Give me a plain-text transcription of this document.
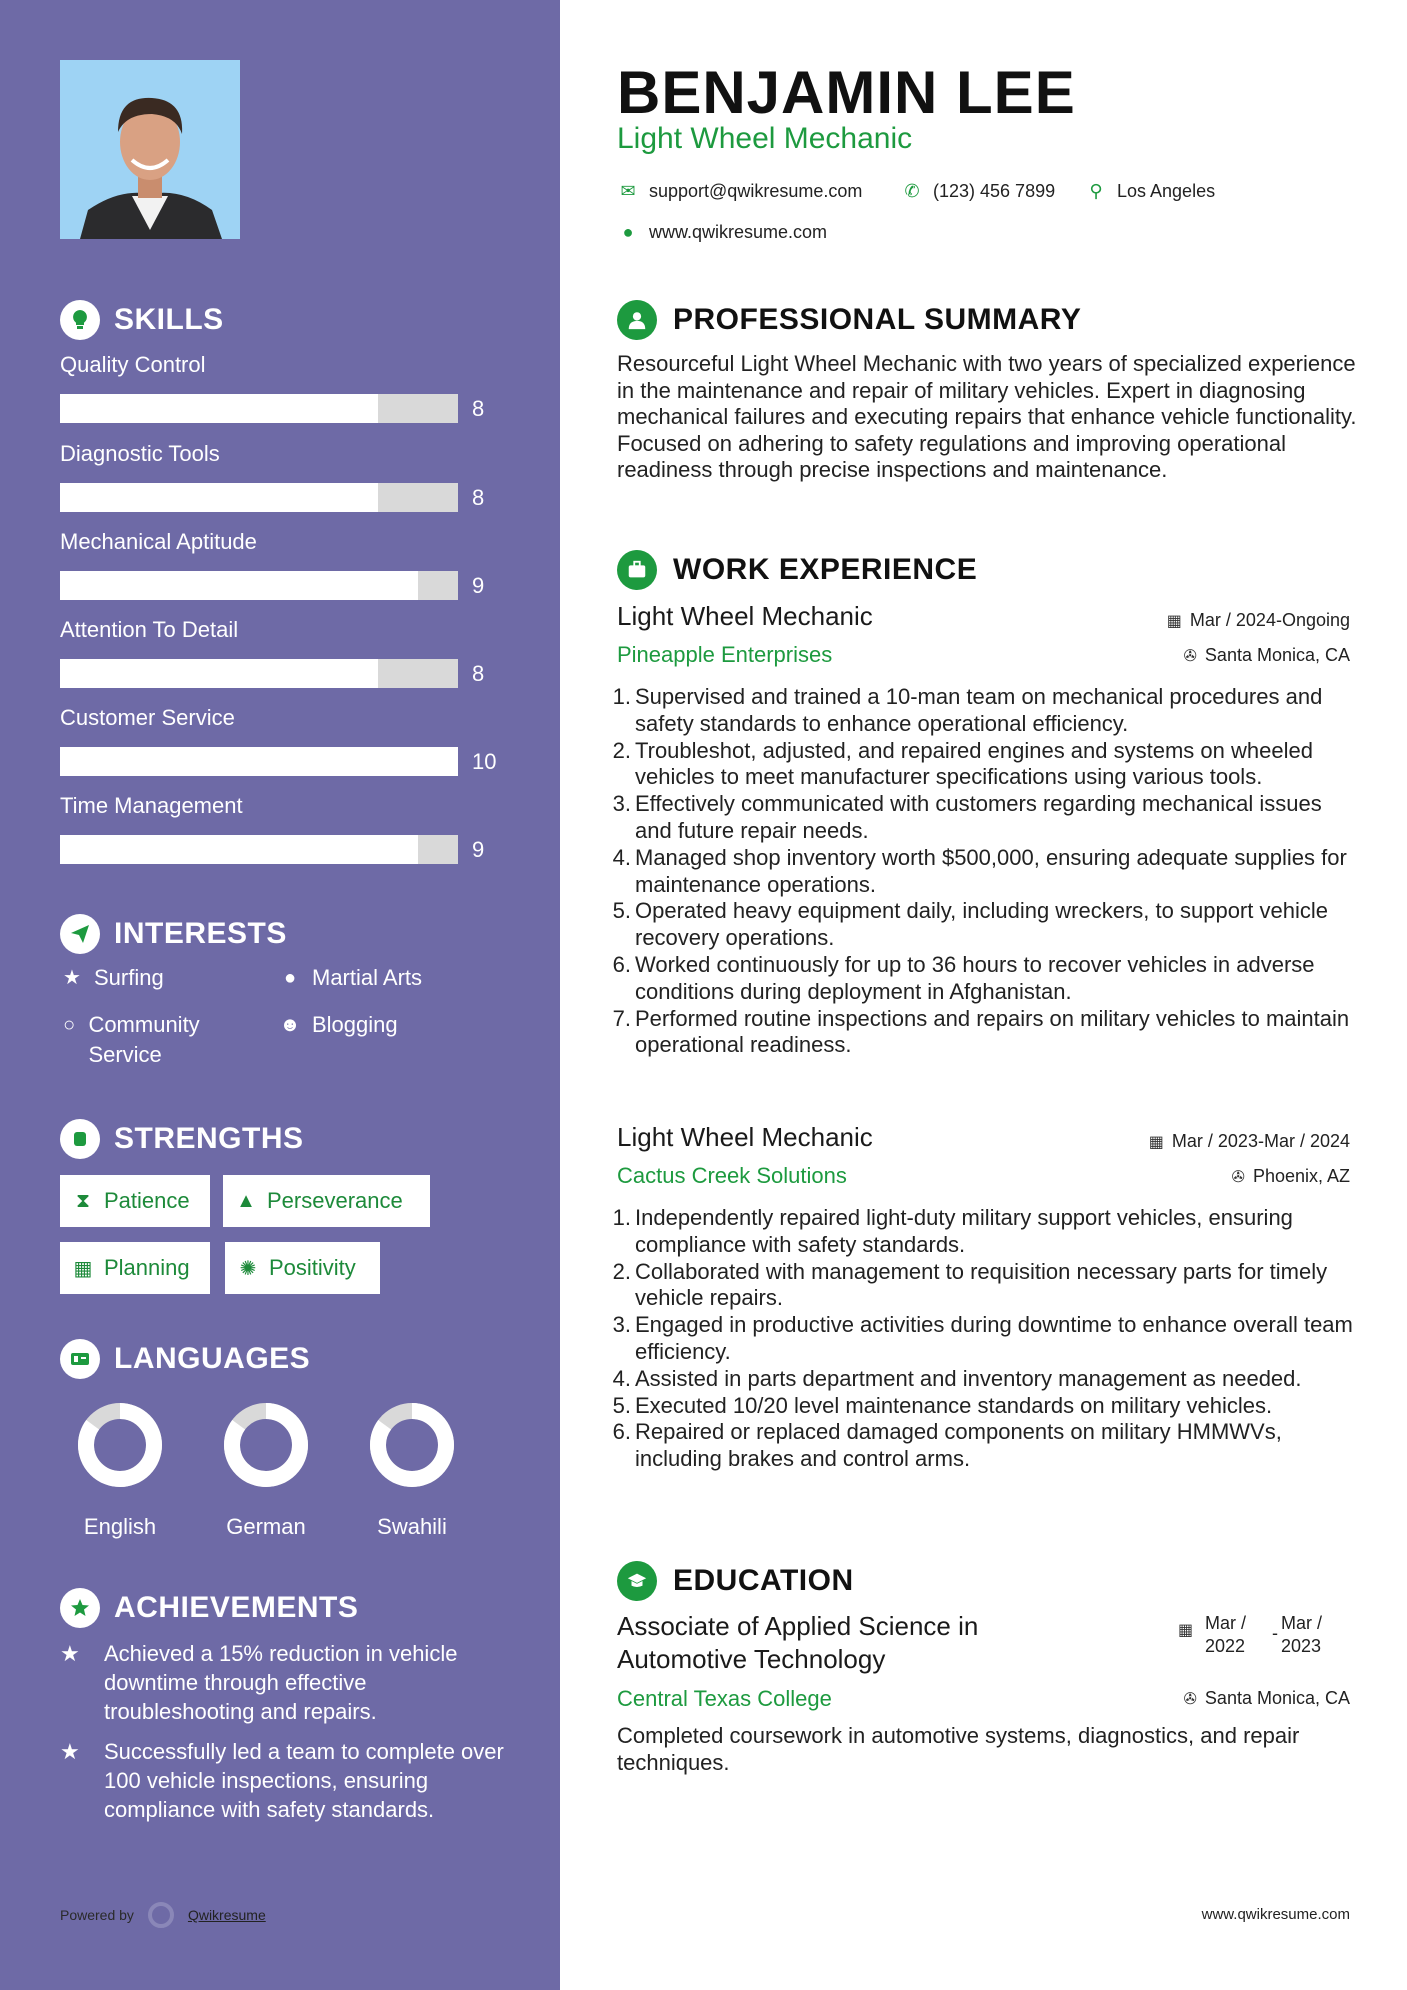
SKILLS
Quality Control
8
Diagnostic Tools
8
Mechanical Aptitude
9
Attention To Detail
8
Customer Service
10
Time Management
9
INTERESTS
★ Surfing	● Martial Arts
○ Community Service
☻ Blogging
STRENGTHS
⧗ Patience ▲ Perseverance
▦ Planning ✺ Positivity
LANGUAGES
English	German	Swahili
ACHIEVEMENTS
★	Achieved a 15% reduction in vehicle downtime through effective troubleshooting and repairs.
★	Successfully led a team to complete over 100 vehicle inspections, ensuring compliance with safety standards.
Powered by	Qwikresume
BENJAMIN LEE
Light Wheel Mechanic
✉ support@qwikresume.com ✆ (123) 456 7899 ⚲ Los Angeles
● www.qwikresume.com
PROFESSIONAL SUMMARY
Resourceful Light Wheel Mechanic with two years of specialized experience in the maintenance and repair of military vehicles. Expert in diagnosing mechanical failures and executing repairs that enhance vehicle functionality. Focused on adhering to safety regulations and improving operational readiness through precise inspections and maintenance.
WORK EXPERIENCE
Light Wheel Mechanic	▦ Mar / 2024-Ongoing
Pineapple Enterprises	✇ Santa Monica, CA
Supervised and trained a 10-man team on mechanical procedures and safety standards to enhance operational efficiency.
Troubleshot, adjusted, and repaired engines and systems on wheeled vehicles to meet manufacturer specifications using various tools.
Effectively communicated with customers regarding mechanical issues and future repair needs.
Managed shop inventory worth $500,000, ensuring adequate supplies for maintenance operations.
Operated heavy equipment daily, including wreckers, to support vehicle recovery operations.
Worked continuously for up to 36 hours to recover vehicles in adverse conditions during deployment in Afghanistan.
Performed routine inspections and repairs on military vehicles to maintain operational readiness.
Light Wheel Mechanic	▦ Mar / 2023-Mar / 2024
Cactus Creek Solutions	✇ Phoenix, AZ
Independently repaired light-duty military support vehicles, ensuring compliance with safety standards.
Collaborated with management to requisition necessary parts for timely vehicle repairs.
Engaged in productive activities during downtime to enhance overall team efficiency.
Assisted in parts department and inventory management as needed.
Executed 10/20 level maintenance standards on military vehicles.
Repaired or replaced damaged components on military HMMWVs, including brakes and control arms.
EDUCATION
Associate of Applied Science in Automotive Technology
▦ Mar /
2022
- Mar /
2023
Central Texas College	✇ Santa Monica, CA
Completed coursework in automotive systems, diagnostics, and repair techniques.
www.qwikresume.com
